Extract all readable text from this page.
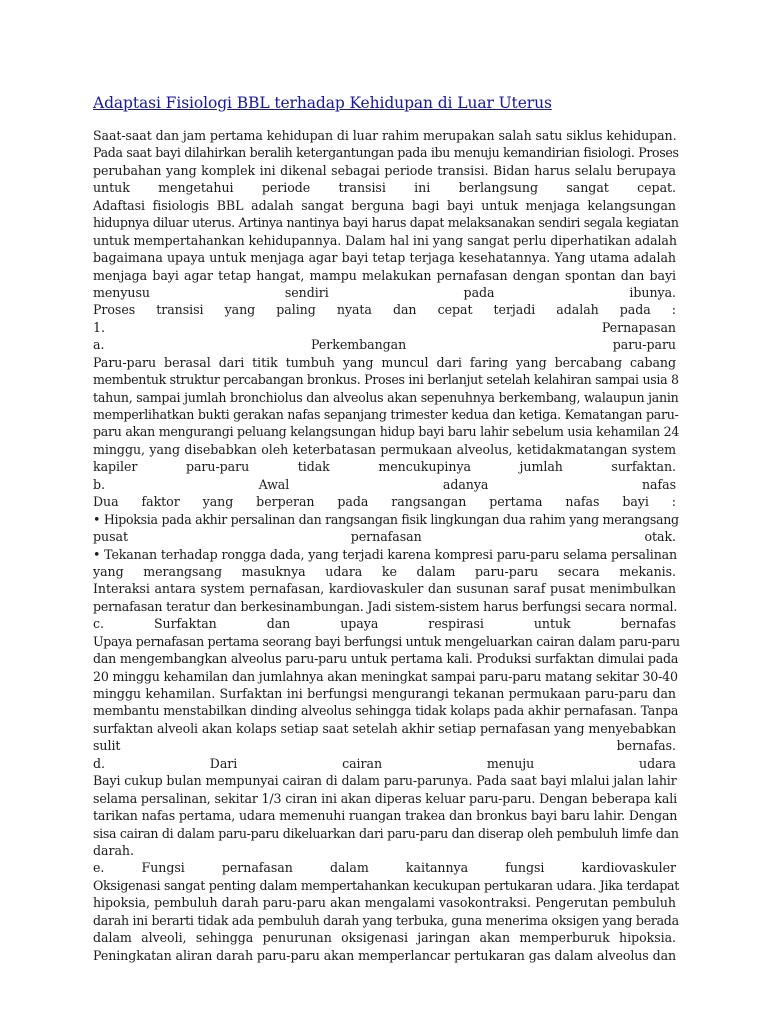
Adaptasi Fisiologi BBL terhadap Kehidupan di Luar Uterus
Saat-saat dan jam pertama kehidupan di luar rahim merupakan salah satu siklus kehidupan.
Pada saat bayi dilahirkan beralih ketergantungan pada ibu menuju kemandirian fisiologi. Proses
perubahan yang komplek ini dikenal sebagai periode transisi. Bidan harus selalu berupaya
untuk mengetahui periode transisi ini berlangsung sangat cepat.
Adaftasi fisiologis BBL adalah sangat berguna bagi bayi untuk menjaga kelangsungan
hidupnya diluar uterus. Artinya nantinya bayi harus dapat melaksanakan sendiri segala kegiatan
untuk mempertahankan kehidupannya. Dalam hal ini yang sangat perlu diperhatikan adalah
bagaimana upaya untuk menjaga agar bayi tetap terjaga kesehatannya. Yang utama adalah
menjaga bayi agar tetap hangat, mampu melakukan pernafasan dengan spontan dan bayi
menyusu sendiri pada ibunya.
Proses transisi yang paling nyata dan cepat terjadi adalah pada :
1. Pernapasan
a. Perkembangan paru-paru
Paru-paru berasal dari titik tumbuh yang muncul dari faring yang bercabang cabang
membentuk struktur percabangan bronkus. Proses ini berlanjut setelah kelahiran sampai usia 8
tahun, sampai jumlah bronchiolus dan alveolus akan sepenuhnya berkembang, walaupun janin
memperlihatkan bukti gerakan nafas sepanjang trimester kedua dan ketiga. Kematangan paru-
paru akan mengurangi peluang kelangsungan hidup bayi baru lahir sebelum usia kehamilan 24
minggu, yang disebabkan oleh keterbatasan permukaan alveolus, ketidakmatangan system
kapiler paru-paru tidak mencukupinya jumlah surfaktan.
b. Awal adanya nafas
Dua faktor yang berperan pada rangsangan pertama nafas bayi :
• Hipoksia pada akhir persalinan dan rangsangan fisik lingkungan dua rahim yang merangsang
pusat pernafasan otak.
• Tekanan terhadap rongga dada, yang terjadi karena kompresi paru-paru selama persalinan
yang merangsang masuknya udara ke dalam paru-paru secara mekanis.
Interaksi antara system pernafasan, kardiovaskuler dan susunan saraf pusat menimbulkan
pernafasan teratur dan berkesinambungan. Jadi sistem-sistem harus berfungsi secara normal.
c. Surfaktan dan upaya respirasi untuk bernafas
Upaya pernafasan pertama seorang bayi berfungsi untuk mengeluarkan cairan dalam paru-paru
dan mengembangkan alveolus paru-paru untuk pertama kali. Produksi surfaktan dimulai pada
20 minggu kehamilan dan jumlahnya akan meningkat sampai paru-paru matang sekitar 30-40
minggu kehamilan. Surfaktan ini berfungsi mengurangi tekanan permukaan paru-paru dan
membantu menstabilkan dinding alveolus sehingga tidak kolaps pada akhir pernafasan. Tanpa
surfaktan alveoli akan kolaps setiap saat setelah akhir setiap pernafasan yang menyebabkan
sulit bernafas.
d. Dari cairan menuju udara
Bayi cukup bulan mempunyai cairan di dalam paru-parunya. Pada saat bayi mlalui jalan lahir
selama persalinan, sekitar 1/3 ciran ini akan diperas keluar paru-paru. Dengan beberapa kali
tarikan nafas pertama, udara memenuhi ruangan trakea dan bronkus bayi baru lahir. Dengan
sisa cairan di dalam paru-paru dikeluarkan dari paru-paru dan diserap oleh pembuluh limfe dan
darah.
e. Fungsi pernafasan dalam kaitannya fungsi kardiovaskuler
Oksigenasi sangat penting dalam mempertahankan kecukupan pertukaran udara. Jika terdapat
hipoksia, pembuluh darah paru-paru akan mengalami vasokontraksi. Pengerutan pembuluh
darah ini berarti tidak ada pembuluh darah yang terbuka, guna menerima oksigen yang berada
dalam alveoli, sehingga penurunan oksigenasi jaringan akan memperburuk hipoksia.
Peningkatan aliran darah paru-paru akan memperlancar pertukaran gas dalam alveolus dan
